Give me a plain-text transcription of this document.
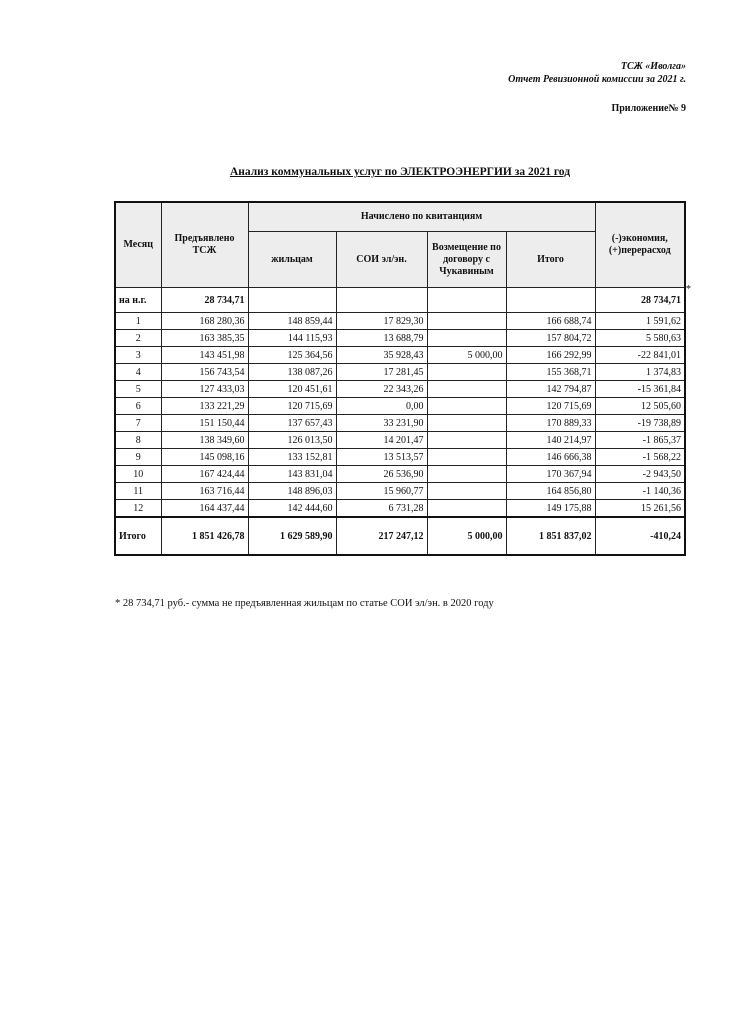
ТСЖ «Иволга»
Отчет Ревизионной комиссии за 2021 г.
Приложение№ 9
Анализ коммунальных услуг по ЭЛЕКТРОЭНЕРГИИ за 2021 год
Месяц	Предъявлено ТСЖ	Начислено по квитанциям				(-)экономия, (+)перерасход
		жильцам	СОИ эл/эн.	Возмещение по договору с Чукавиным	Итого	
на н.г.	28 734,71					28 734,71
1	168 280,36	148 859,44	17 829,30		166 688,74	1 591,62
2	163 385,35	144 115,93	13 688,79		157 804,72	5 580,63
3	143 451,98	125 364,56	35 928,43	5 000,00	166 292,99	-22 841,01
4	156 743,54	138 087,26	17 281,45		155 368,71	1 374,83
5	127 433,03	120 451,61	22 343,26		142 794,87	-15 361,84
6	133 221,29	120 715,69	0,00		120 715,69	12 505,60
7	151 150,44	137 657,43	33 231,90		170 889,33	-19 738,89
8	138 349,60	126 013,50	14 201,47		140 214,97	-1 865,37
9	145 098,16	133 152,81	13 513,57		146 666,38	-1 568,22
10	167 424,44	143 831,04	26 536,90		170 367,94	-2 943,50
11	163 716,44	148 896,03	15 960,77		164 856,80	-1 140,36
12	164 437,44	142 444,60	6 731,28		149 175,88	15 261,56
Итого	1 851 426,78	1 629 589,90	217 247,12	5 000,00	1 851 837,02	-410,24
*
* 28 734,71 руб.- сумма не предъявленная жильцам по статье СОИ эл/эн. в 2020 году
